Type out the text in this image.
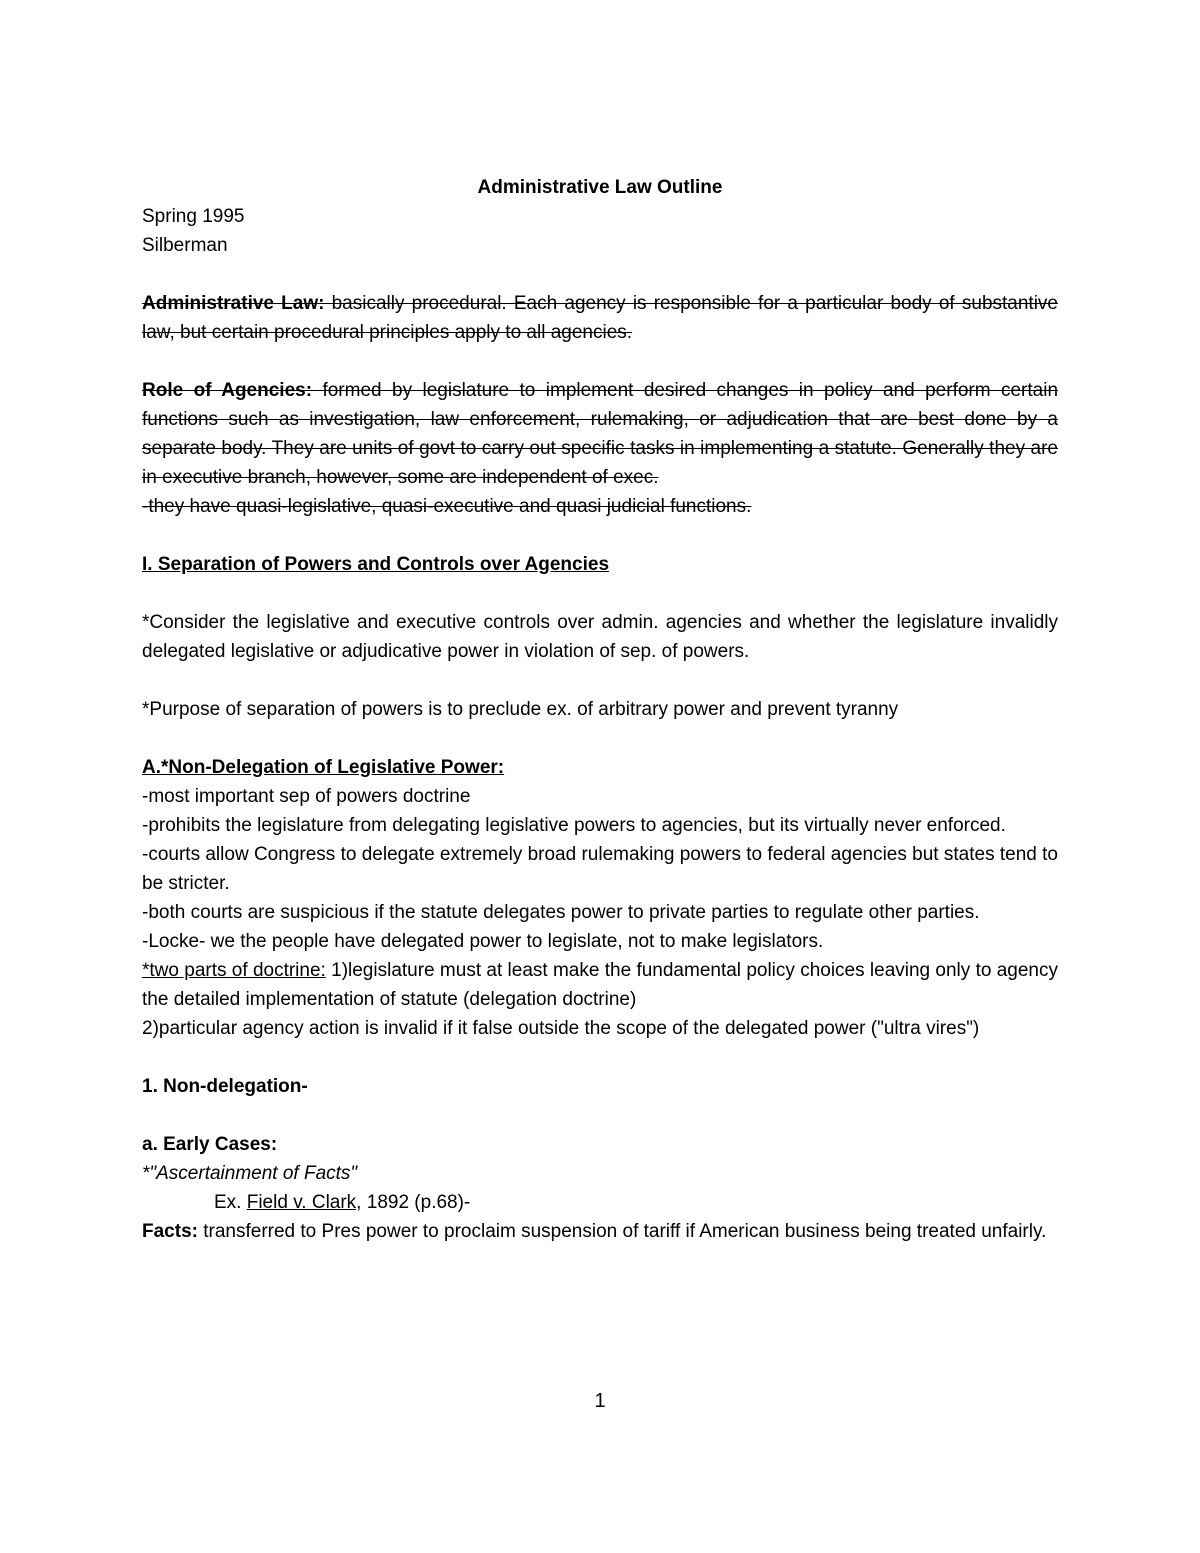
Administrative Law Outline

Spring 1995

Silberman

Administrative Law: basically procedural. Each agency is responsible for a particular body of substantive law, but certain procedural principles apply to all agencies.

Role of Agencies: formed by legislature to implement desired changes in policy and perform certain functions such as investigation, law enforcement, rulemaking, or adjudication that are best done by a separate body. They are units of govt to carry out specific tasks in implementing a statute. Generally they are in executive branch, however, some are independent of exec.

-they have quasi-legislative, quasi-executive and quasi judicial functions.

I. Separation of Powers and Controls over Agencies

*Consider the legislative and executive controls over admin. agencies and whether the legislature invalidly delegated legislative or adjudicative power in violation of sep. of powers.

*Purpose of separation of powers is to preclude ex. of arbitrary power and prevent tyranny

A.*Non-Delegation of Legislative Power:

-most important sep of powers doctrine

-prohibits the legislature from delegating legislative powers to agencies, but its virtually never enforced.

-courts allow Congress to delegate extremely broad rulemaking powers to federal agencies but states tend to be stricter.

-both courts are suspicious if the statute delegates power to private parties to regulate other parties.

-Locke- we the people have delegated power to legislate, not to make legislators.

*two parts of doctrine: 1)legislature must at least make the fundamental policy choices leaving only to agency the detailed implementation of statute (delegation doctrine)

2)particular agency action is invalid if it false outside the scope of the delegated power ("ultra vires")

1. Non-delegation-

a. Early Cases:

*"Ascertainment of Facts"

Ex. Field v. Clark, 1892 (p.68)-

Facts: transferred to Pres power to proclaim suspension of tariff if American business being treated unfairly.

1
